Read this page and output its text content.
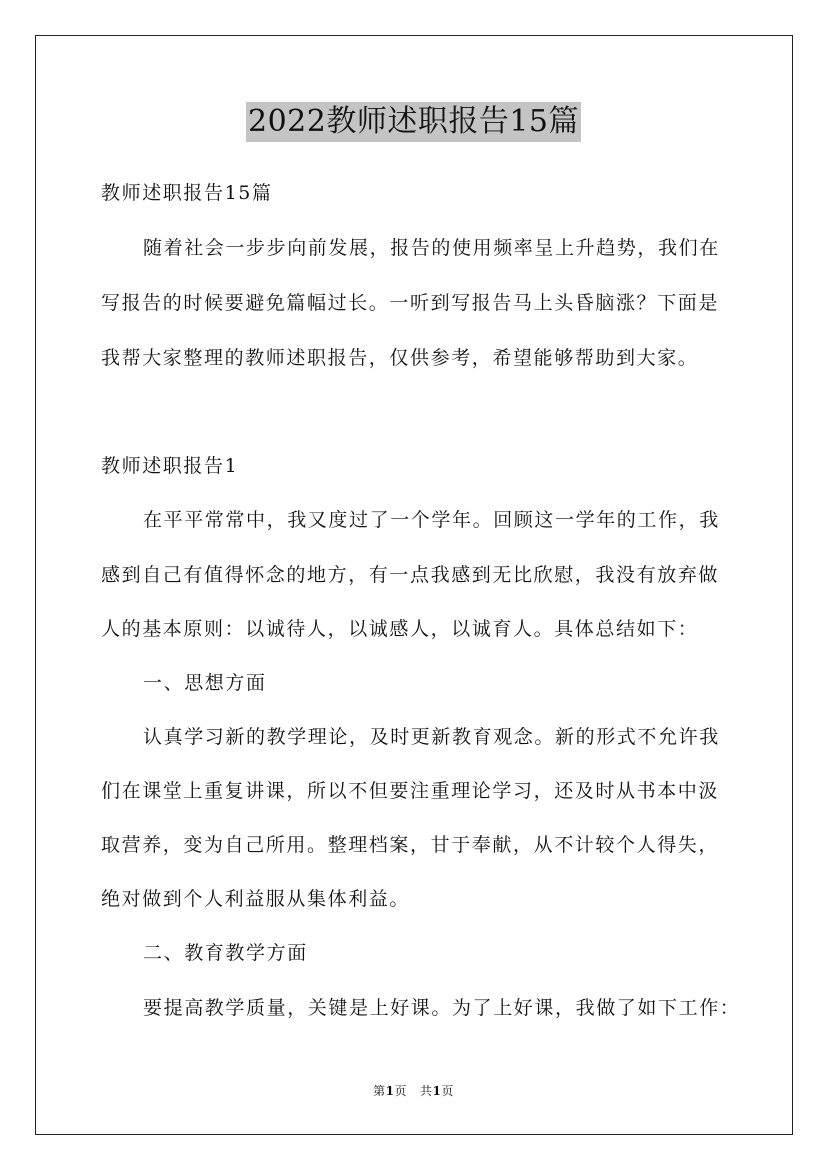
2022教师述职报告15篇
教师述职报告15篇
随着社会一步步向前发展，报告的使用频率呈上升趋势，我们在
写报告的时候要避免篇幅过长。一听到写报告马上头昏脑涨？下面是
我帮大家整理的教师述职报告，仅供参考，希望能够帮助到大家。
教师述职报告1
在平平常常中，我又度过了一个学年。回顾这一学年的工作，我
感到自己有值得怀念的地方，有一点我感到无比欣慰，我没有放弃做
人的基本原则：以诚待人，以诚感人，以诚育人。具体总结如下：
一、思想方面
认真学习新的教学理论，及时更新教育观念。新的形式不允许我
们在课堂上重复讲课，所以不但要注重理论学习，还及时从书本中汲
取营养，变为自己所用。整理档案，甘于奉献，从不计较个人得失，
绝对做到个人利益服从集体利益。
二、教育教学方面
要提高教学质量，关键是上好课。为了上好课，我做了如下工作：
第1页 共1页
